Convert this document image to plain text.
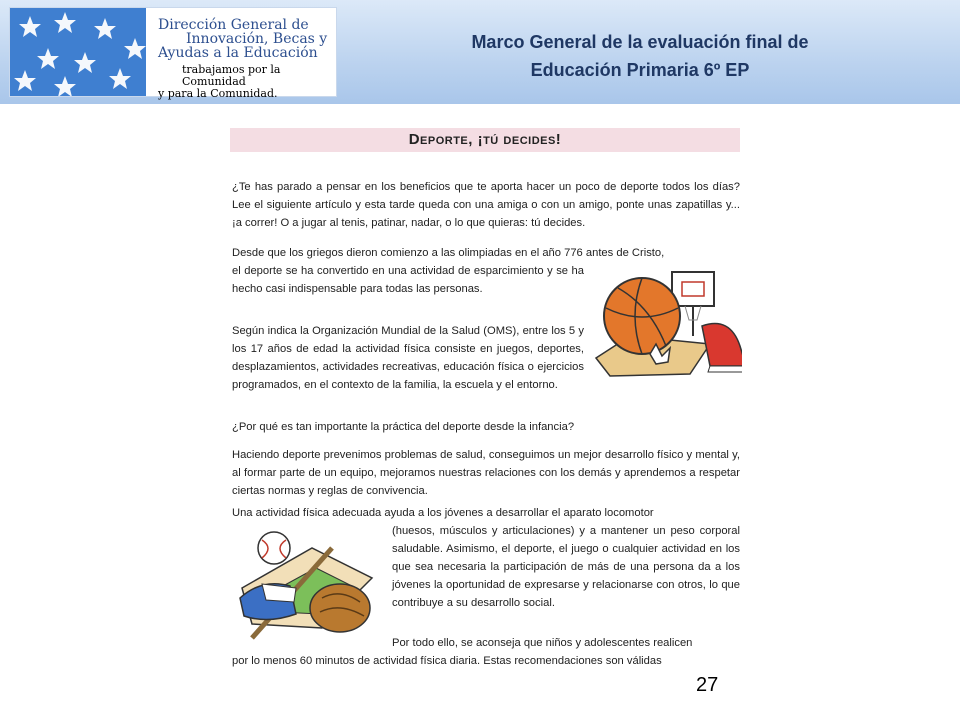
Dirección General de
Innovación, Becas y
Ayudas a la Educación
trabajamos por la Comunidad
y para la Comunidad.
Marco General de la evaluación final de
Educación Primaria 6º EP
Deporte, ¡tú decides!

¿Te has parado a pensar en los beneficios que te aporta hacer un poco de deporte todos los días? Lee el siguiente artículo y esta tarde queda con una amiga o con un amigo, ponte unas zapatillas y... ¡a correr! O a jugar al tenis, patinar, nadar, o lo que quieras: tú decides.

Desde que los griegos dieron comienzo a las olimpiadas en el año 776 antes de Cristo,

el deporte se ha convertido en una actividad de esparcimiento y se ha hecho casi indispensable para todas las personas.

Según indica la Organización Mundial de la Salud (OMS), entre los 5 y los 17 años de edad la actividad física consiste en juegos, deportes, desplazamientos, actividades recreativas, educación física o ejercicios programados, en el contexto de la familia, la escuela y el entorno.

¿Por qué es tan importante la práctica del deporte desde la infancia?

Haciendo deporte prevenimos problemas de salud, conseguimos un mejor desarrollo físico y mental y, al formar parte de un equipo, mejoramos nuestras relaciones con los demás y aprendemos a respetar ciertas normas y reglas de convivencia.

Una actividad física adecuada ayuda a los jóvenes a desarrollar el aparato locomotor

(huesos, músculos y articulaciones) y a mantener un peso corporal saludable. Asimismo, el deporte, el juego o cualquier actividad en los que sea necesaria la participación de más de una persona da a los jóvenes la oportunidad de expresarse y relacionarse con otros, lo que contribuye a su desarrollo social.

Por todo ello, se aconseja que niños y adolescentes realicen

por lo menos 60 minutos de actividad física diaria. Estas recomendaciones son válidas

27
